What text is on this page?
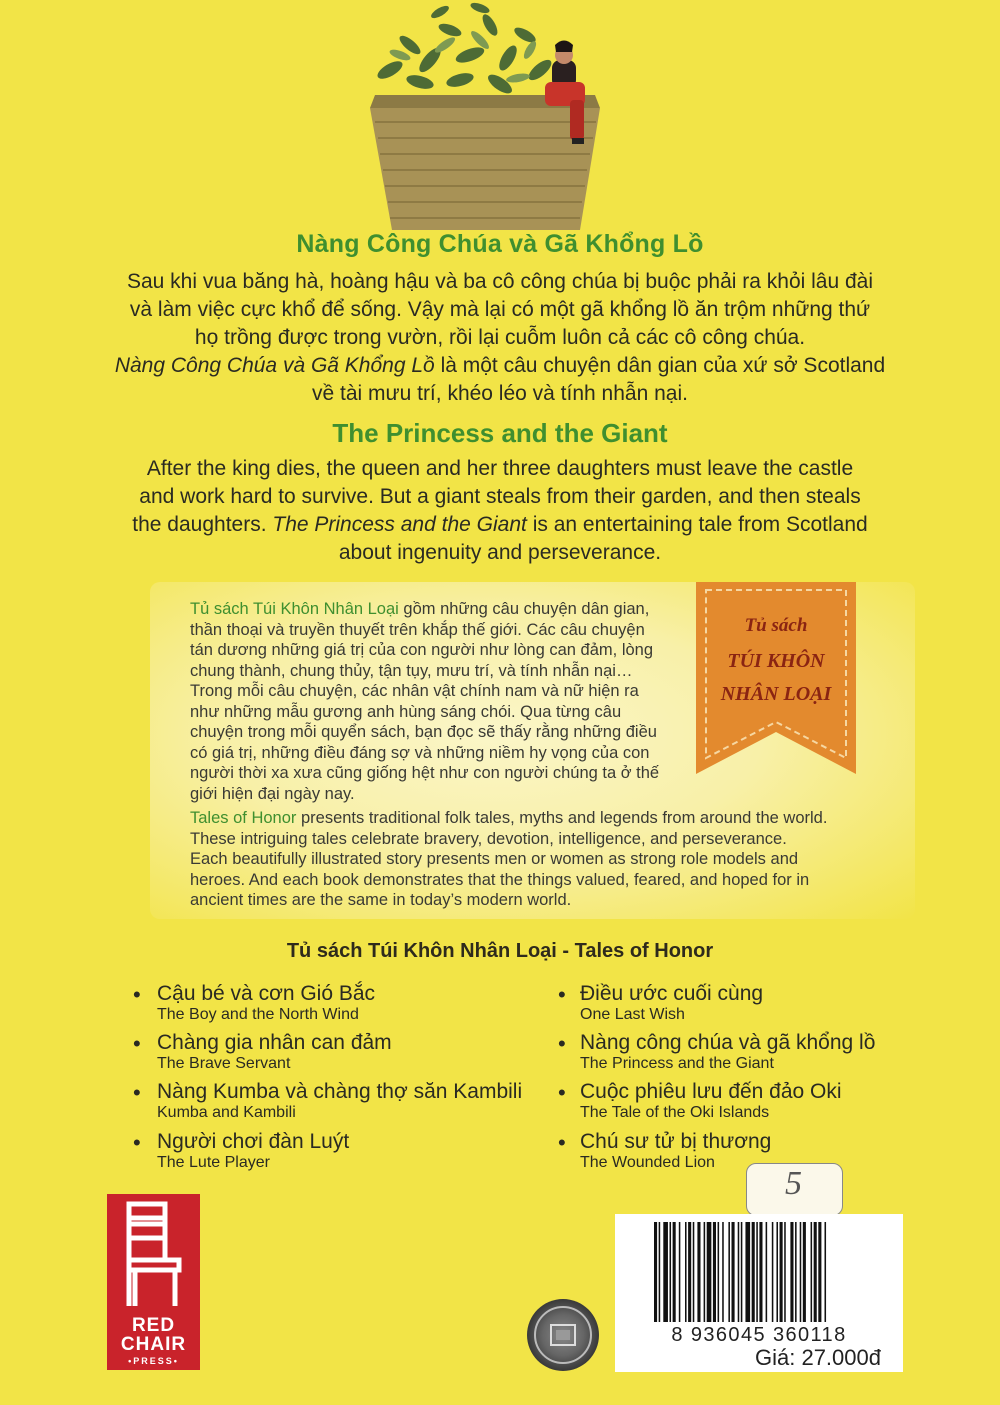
Nàng Công Chúa và Gã Khổng Lồ
Sau khi vua băng hà, hoàng hậu và ba cô công chúa bị buộc phải ra khỏi lâu đài
và làm việc cực khổ để sống. Vậy mà lại có một gã khổng lồ ăn trộm những thứ
họ trồng được trong vườn, rồi lại cuỗm luôn cả các cô công chúa.
Nàng Công Chúa và Gã Khổng Lồ là một câu chuyện dân gian của xứ sở Scotland
về tài mưu trí, khéo léo và tính nhẫn nại.
The Princess and the Giant
After the king dies, the queen and her three daughters must leave the castle
and work hard to survive. But a giant steals from their garden, and then steals
the daughters. The Princess and the Giant is an entertaining tale from Scotland
about ingenuity and perseverance.
Tủ sách
TÚI KHÔN
NHÂN LOẠI
Tủ sách Túi Khôn Nhân Loại gồm những câu chuyện dân gian,
thần thoại và truyền thuyết trên khắp thế giới. Các câu chuyện
tán dương những giá trị của con người như lòng can đảm, lòng
chung thành, chung thủy, tận tụy, mưu trí, và tính nhẫn nại…
Trong mỗi câu chuyện, các nhân vật chính nam và nữ hiện ra
như những mẫu gương anh hùng sáng chói. Qua từng câu
chuyện trong mỗi quyển sách, bạn đọc sẽ thấy rằng những điều
có giá trị, những điều đáng sợ và những niềm hy vọng của con
người thời xa xưa cũng giống hệt như con người chúng ta ở thế
giới hiện đại ngày nay.
Tales of Honor presents traditional folk tales, myths and legends from around the world.
These intriguing tales celebrate bravery, devotion, intelligence, and perseverance.
Each beautifully illustrated story presents men or women as strong role models and
heroes. And each book demonstrates that the things valued, feared, and hoped for in
ancient times are the same in today’s modern world.
Tủ sách Túi Khôn Nhân Loại - Tales of Honor
• Cậu bé và cơn Gió Bắc
The Boy and the North Wind
• Chàng gia nhân can đảm
The Brave Servant
• Nàng Kumba và chàng thợ săn Kambili
Kumba and Kambili
• Người chơi đàn Luýt
The Lute Player
• Điều ước cuối cùng
One Last Wish
• Nàng công chúa và gã khổng lồ
The Princess and the Giant
• Cuộc phiêu lưu đến đảo Oki
The Tale of the Oki Islands
• Chú sư tử bị thương
The Wounded Lion
5
RED
CHAIR
•PRESS•
8 936045 360118
Giá: 27.000đ
